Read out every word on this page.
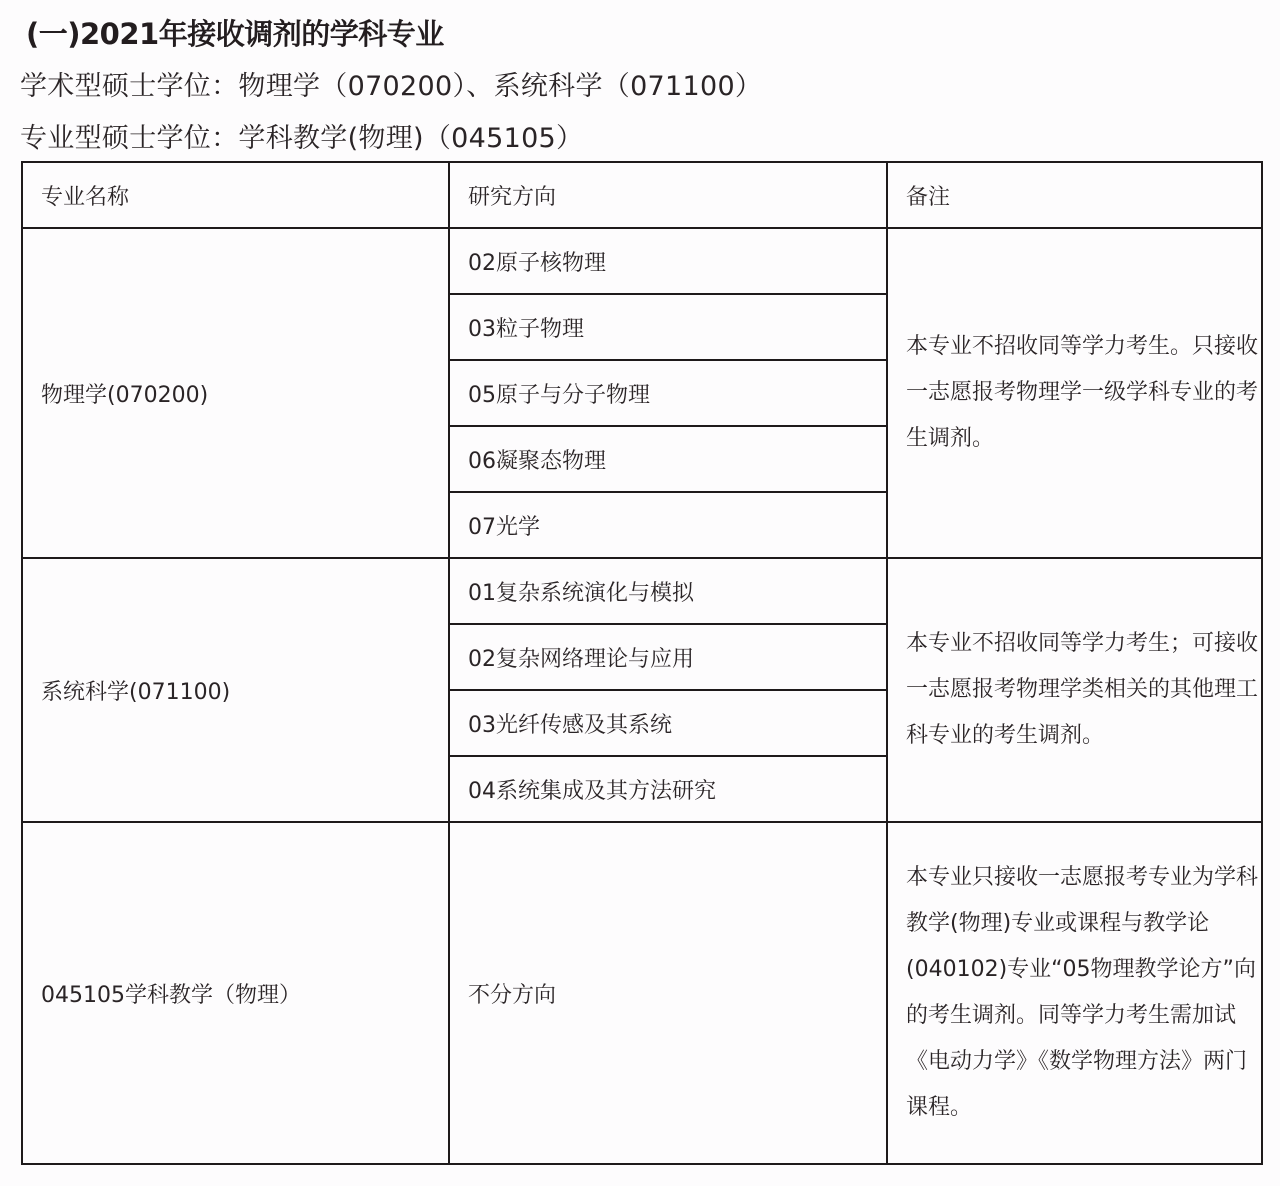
(一)2021年接收调剂的学科专业
学术型硕士学位：物理学（070200）、系统科学（071100）
专业型硕士学位：学科教学(物理)（045105）
专业名称	研究方向	备注
物理学(070200)	02原子核物理	本专业不招收同等学力考生。只接收一志愿报考物理学一级学科专业的考生调剂。
	03粒子物理	
	05原子与分子物理	
	06凝聚态物理	
	07光学	
系统科学(071100)	01复杂系统演化与模拟	本专业不招收同等学力考生；可接收一志愿报考物理学类相关的其他理工科专业的考生调剂。
	02复杂网络理论与应用	
	03光纤传感及其系统	
	04系统集成及其方法研究	
045105学科教学（物理）	不分方向	本专业只接收一志愿报考专业为学科教学(物理)专业或课程与教学论(040102)专业“05物理教学论方”向的考生调剂。同等学力考生需加试《电动力学》《数学物理方法》两门课程。
